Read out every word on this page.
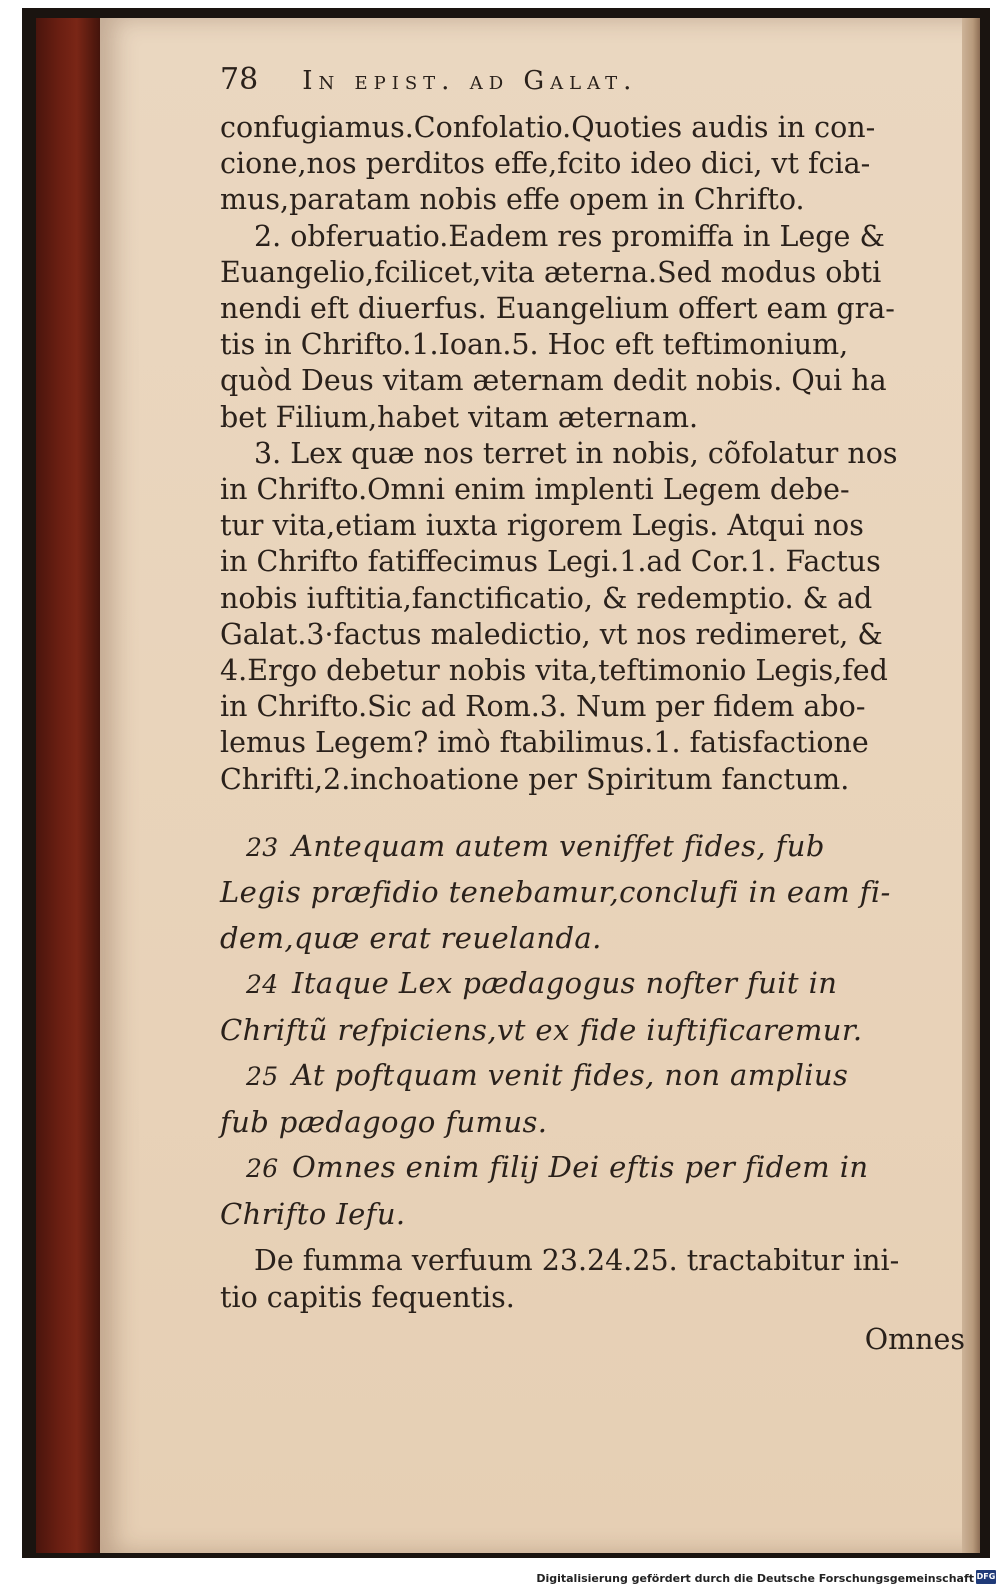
78 In epist. ad Galat.

confugiamus.Confolatio.Quoties audis in con-
cione,nos perditos effe,fcito ideo dici, vt fcia-
mus,paratam nobis effe opem in Chrifto.

2. obferuatio.Eadem res promiffa in Lege &
Euangelio,fcilicet,vita æterna.Sed modus obti
nendi eft diuerfus. Euangelium offert eam gra-
tis in Chrifto.1.Ioan.5. Hoc eft teftimonium,
quòd Deus vitam æternam dedit nobis. Qui ha
bet Filium,habet vitam æternam.

3. Lex quæ nos terret in nobis, cõfolatur nos
in Chrifto.Omni enim implenti Legem debe-
tur vita,etiam iuxta rigorem Legis. Atqui nos
in Chrifto fatiffecimus Legi.1.ad Cor.1. Factus
nobis iuftitia,fanctificatio, & redemptio. & ad
Galat.3·factus maledictio, vt nos redimeret, &
4.Ergo debetur nobis vita,teftimonio Legis,fed
in Chrifto.Sic ad Rom.3. Num per fidem abo-
lemus Legem? imò ftabilimus.1. fatisfactione
Chrifti,2.inchoatione per Spiritum fanctum.

23 Antequam autem veniffet fides, fub
Legis præfidio tenebamur,conclufi in eam fi-
dem,quæ erat reuelanda.
24 Itaque Lex pædagogus nofter fuit in
Chriftũ refpiciens,vt ex fide iuftificaremur.
25 At poftquam venit fides, non amplius
fub pædagogo fumus.
26 Omnes enim filij Dei eftis per fidem in
Chrifto Iefu.

De fumma verfuum 23.24.25. tractabitur ini-
tio capitis fequentis.

Omnes
Digitalisierung gefördert durch die Deutsche Forschungsgemeinschaft DFG
